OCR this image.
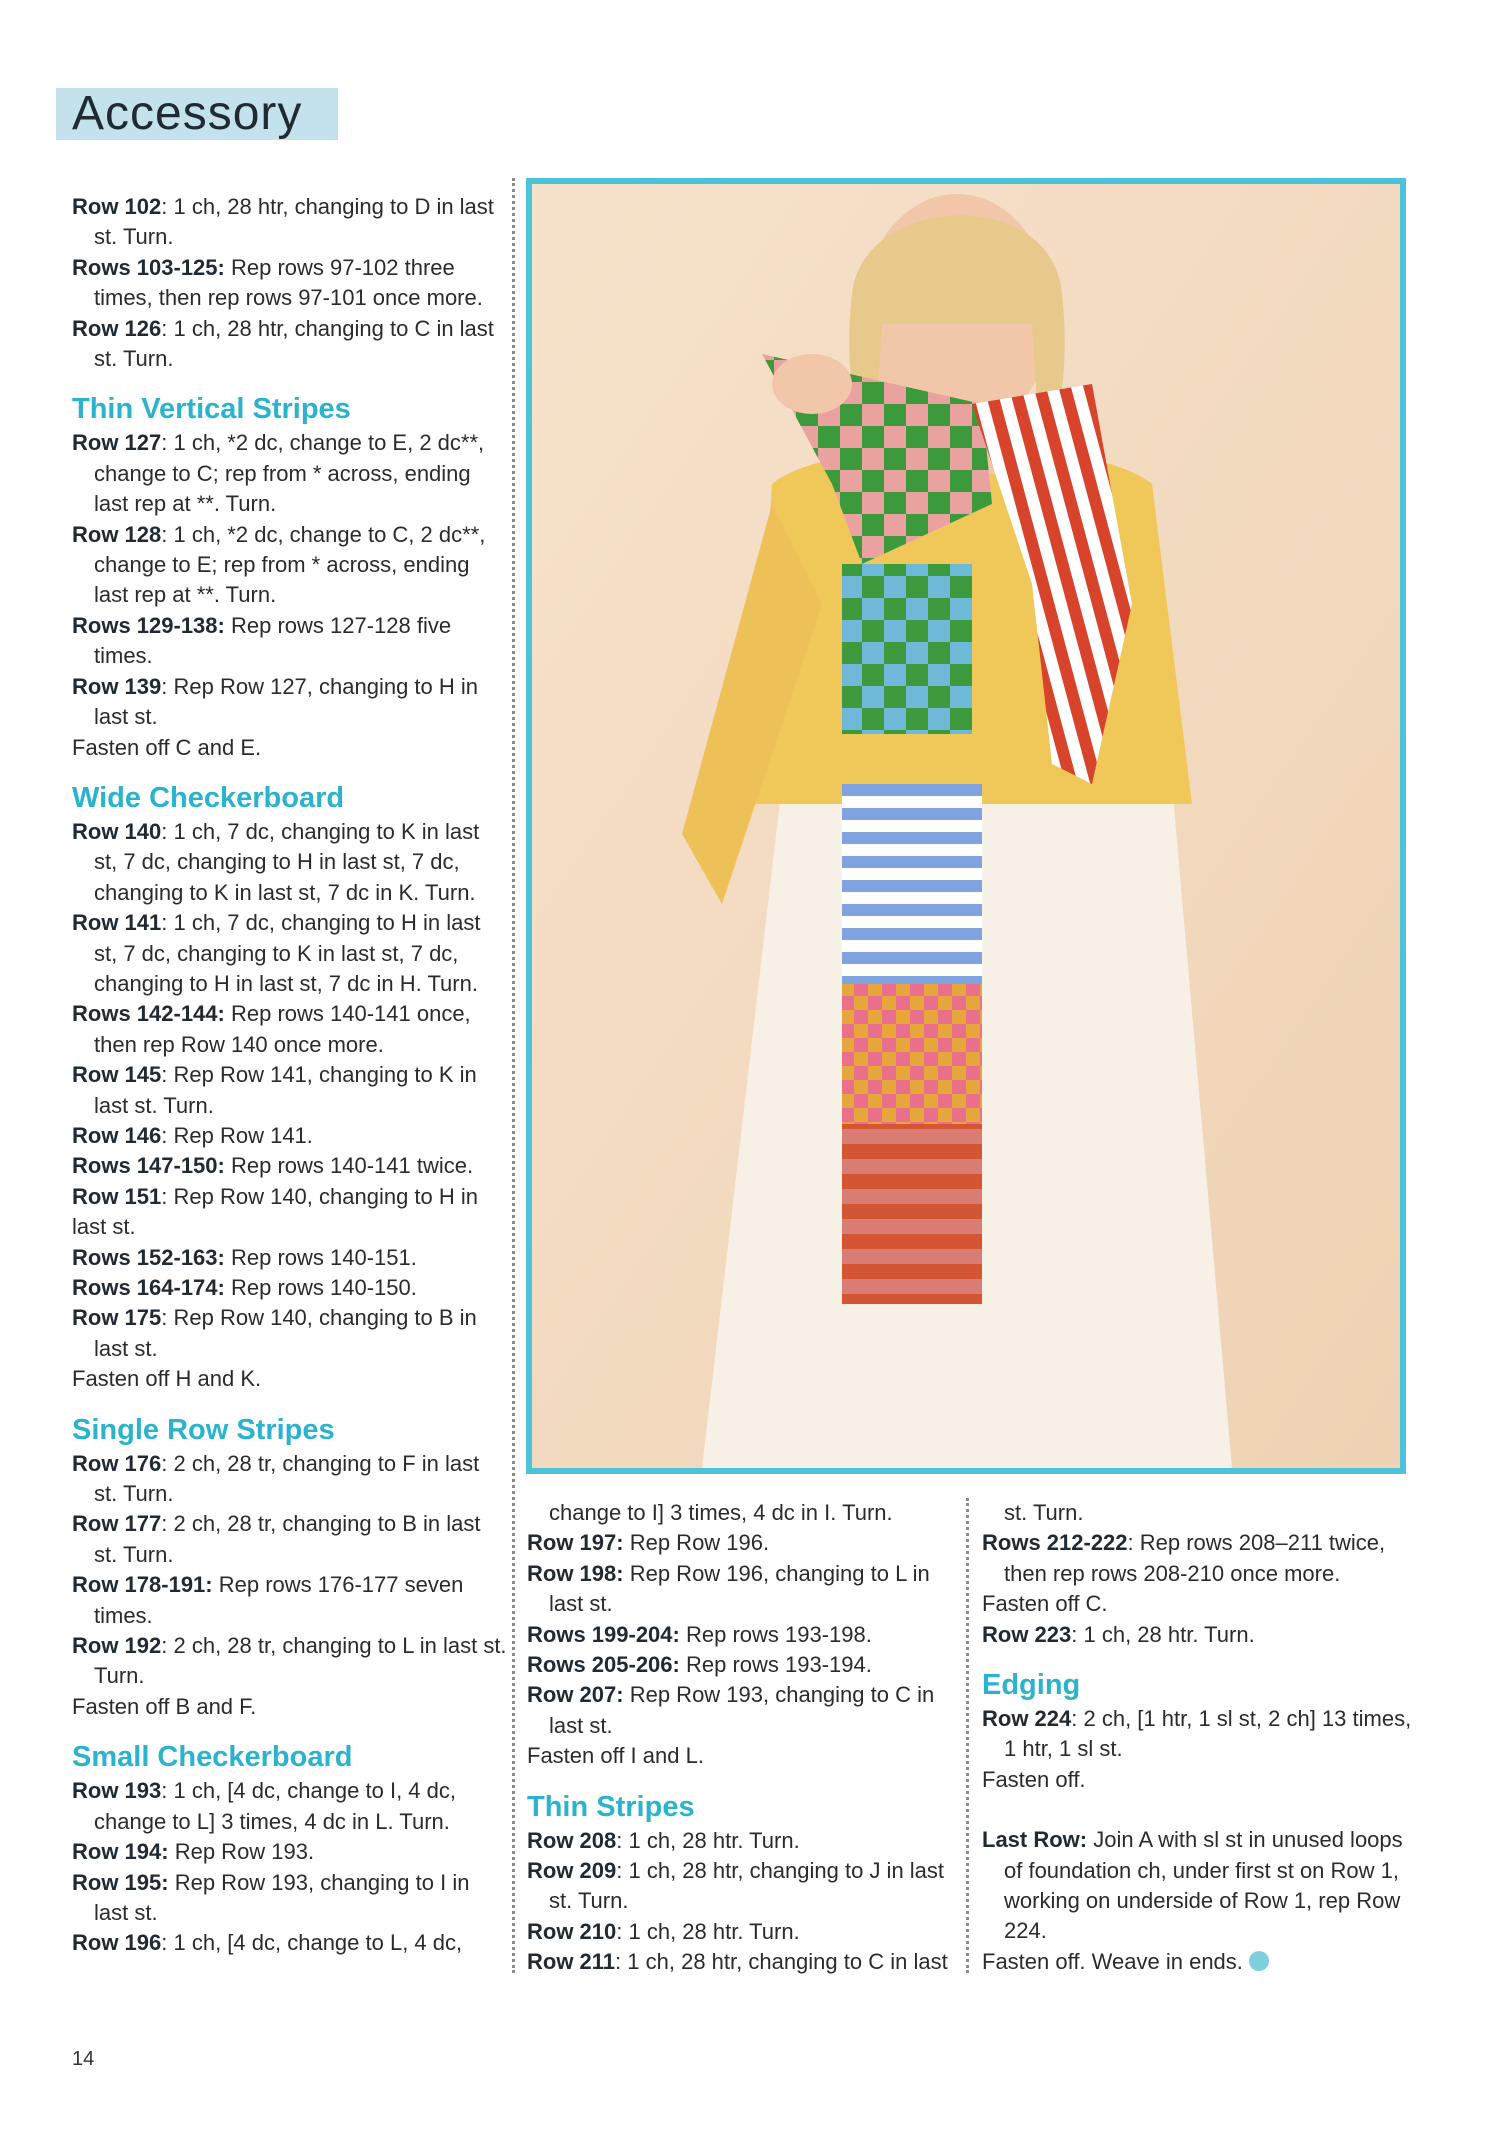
Accessory

Row 102: 1 ch, 28 htr, changing to D in last st. Turn.

Rows 103-125: Rep rows 97-102 three times, then rep rows 97-101 once more.

Row 126: 1 ch, 28 htr, changing to C in last st. Turn.

Thin Vertical Stripes

Row 127: 1 ch, *2 dc, change to E, 2 dc**, change to C; rep from * across, ending last rep at **. Turn.

Row 128: 1 ch, *2 dc, change to C, 2 dc**, change to E; rep from * across, ending last rep at **. Turn.

Rows 129-138: Rep rows 127-128 five times.

Row 139: Rep Row 127, changing to H in last st.

Fasten off C and E.

Wide Checkerboard

Row 140: 1 ch, 7 dc, changing to K in last st, 7 dc, changing to H in last st, 7 dc, changing to K in last st, 7 dc in K. Turn.

Row 141: 1 ch, 7 dc, changing to H in last st, 7 dc, changing to K in last st, 7 dc, changing to H in last st, 7 dc in H. Turn.

Rows 142-144: Rep rows 140-141 once, then rep Row 140 once more.

Row 145: Rep Row 141, changing to K in last st. Turn.

Row 146: Rep Row 141.

Rows 147-150: Rep rows 140-141 twice.

Row 151: Rep Row 140, changing to H in last st.

Rows 152-163: Rep rows 140-151.

Rows 164-174: Rep rows 140-150.

Row 175: Rep Row 140, changing to B in last st.

Fasten off H and K.

Single Row Stripes

Row 176: 2 ch, 28 tr, changing to F in last st. Turn.

Row 177: 2 ch, 28 tr, changing to B in last st. Turn.

Row 178-191: Rep rows 176-177 seven times.

Row 192: 2 ch, 28 tr, changing to L in last st. Turn.

Fasten off B and F.

Small Checkerboard

Row 193: 1 ch, [4 dc, change to I, 4 dc, change to L] 3 times, 4 dc in L. Turn.

Row 194: Rep Row 193.

Row 195: Rep Row 193, changing to I in last st.

Row 196: 1 ch, [4 dc, change to L, 4 dc,

change to I] 3 times, 4 dc in I. Turn.

Row 197: Rep Row 196.

Row 198: Rep Row 196, changing to L in last st.

Rows 199-204: Rep rows 193-198.

Rows 205-206: Rep rows 193-194.

Row 207: Rep Row 193, changing to C in last st.

Fasten off I and L.

Thin Stripes

Row 208: 1 ch, 28 htr. Turn.

Row 209: 1 ch, 28 htr, changing to J in last st. Turn.

Row 210: 1 ch, 28 htr. Turn.

Row 211: 1 ch, 28 htr, changing to C in last

st. Turn.

Rows 212-222: Rep rows 208–211 twice, then rep rows 208-210 once more.

Fasten off C.

Row 223: 1 ch, 28 htr. Turn.

Edging

Row 224: 2 ch, [1 htr, 1 sl st, 2 ch] 13 times, 1 htr, 1 sl st.

Fasten off.

Last Row: Join A with sl st in unused loops of foundation ch, under first st on Row 1, working on underside of Row 1, rep Row 224.

Fasten off. Weave in ends.

14
